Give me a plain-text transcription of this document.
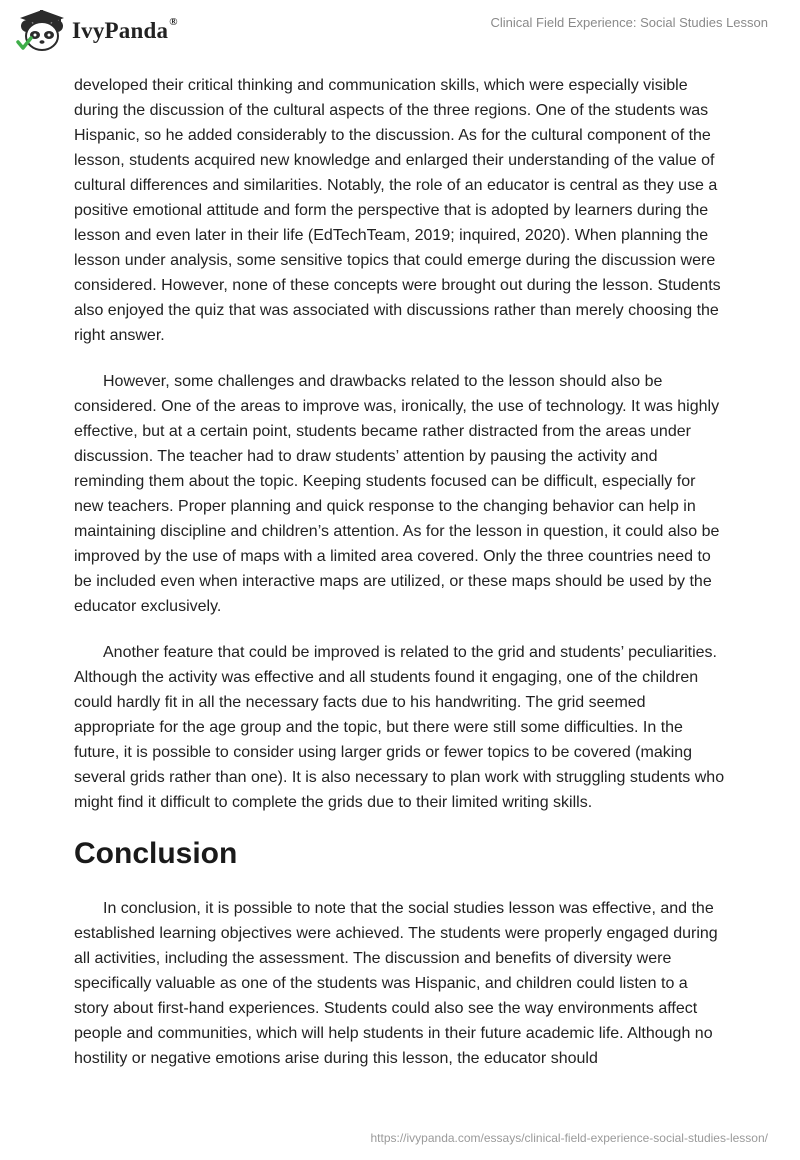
IvyPanda®	Clinical Field Experience: Social Studies Lesson

developed their critical thinking and communication skills, which were especially visible during the discussion of the cultural aspects of the three regions. One of the students was Hispanic, so he added considerably to the discussion. As for the cultural component of the lesson, students acquired new knowledge and enlarged their understanding of the value of cultural differences and similarities. Notably, the role of an educator is central as they use a positive emotional attitude and form the perspective that is adopted by learners during the lesson and even later in their life (EdTechTeam, 2019; inquired, 2020). When planning the lesson under analysis, some sensitive topics that could emerge during the discussion were considered. However, none of these concepts were brought out during the lesson. Students also enjoyed the quiz that was associated with discussions rather than merely choosing the right answer.

However, some challenges and drawbacks related to the lesson should also be considered. One of the areas to improve was, ironically, the use of technology. It was highly effective, but at a certain point, students became rather distracted from the areas under discussion. The teacher had to draw students’ attention by pausing the activity and reminding them about the topic. Keeping students focused can be difficult, especially for new teachers. Proper planning and quick response to the changing behavior can help in maintaining discipline and children’s attention. As for the lesson in question, it could also be improved by the use of maps with a limited area covered. Only the three countries need to be included even when interactive maps are utilized, or these maps should be used by the educator exclusively.

Another feature that could be improved is related to the grid and students’ peculiarities. Although the activity was effective and all students found it engaging, one of the children could hardly fit in all the necessary facts due to his handwriting. The grid seemed appropriate for the age group and the topic, but there were still some difficulties. In the future, it is possible to consider using larger grids or fewer topics to be covered (making several grids rather than one). It is also necessary to plan work with struggling students who might find it difficult to complete the grids due to their limited writing skills.

Conclusion

In conclusion, it is possible to note that the social studies lesson was effective, and the established learning objectives were achieved. The students were properly engaged during all activities, including the assessment. The discussion and benefits of diversity were specifically valuable as one of the students was Hispanic, and children could listen to a story about first-hand experiences. Students could also see the way environments affect people and communities, which will help students in their future academic life. Although no hostility or negative emotions arise during this lesson, the educator should

https://ivypanda.com/essays/clinical-field-experience-social-studies-lesson/
